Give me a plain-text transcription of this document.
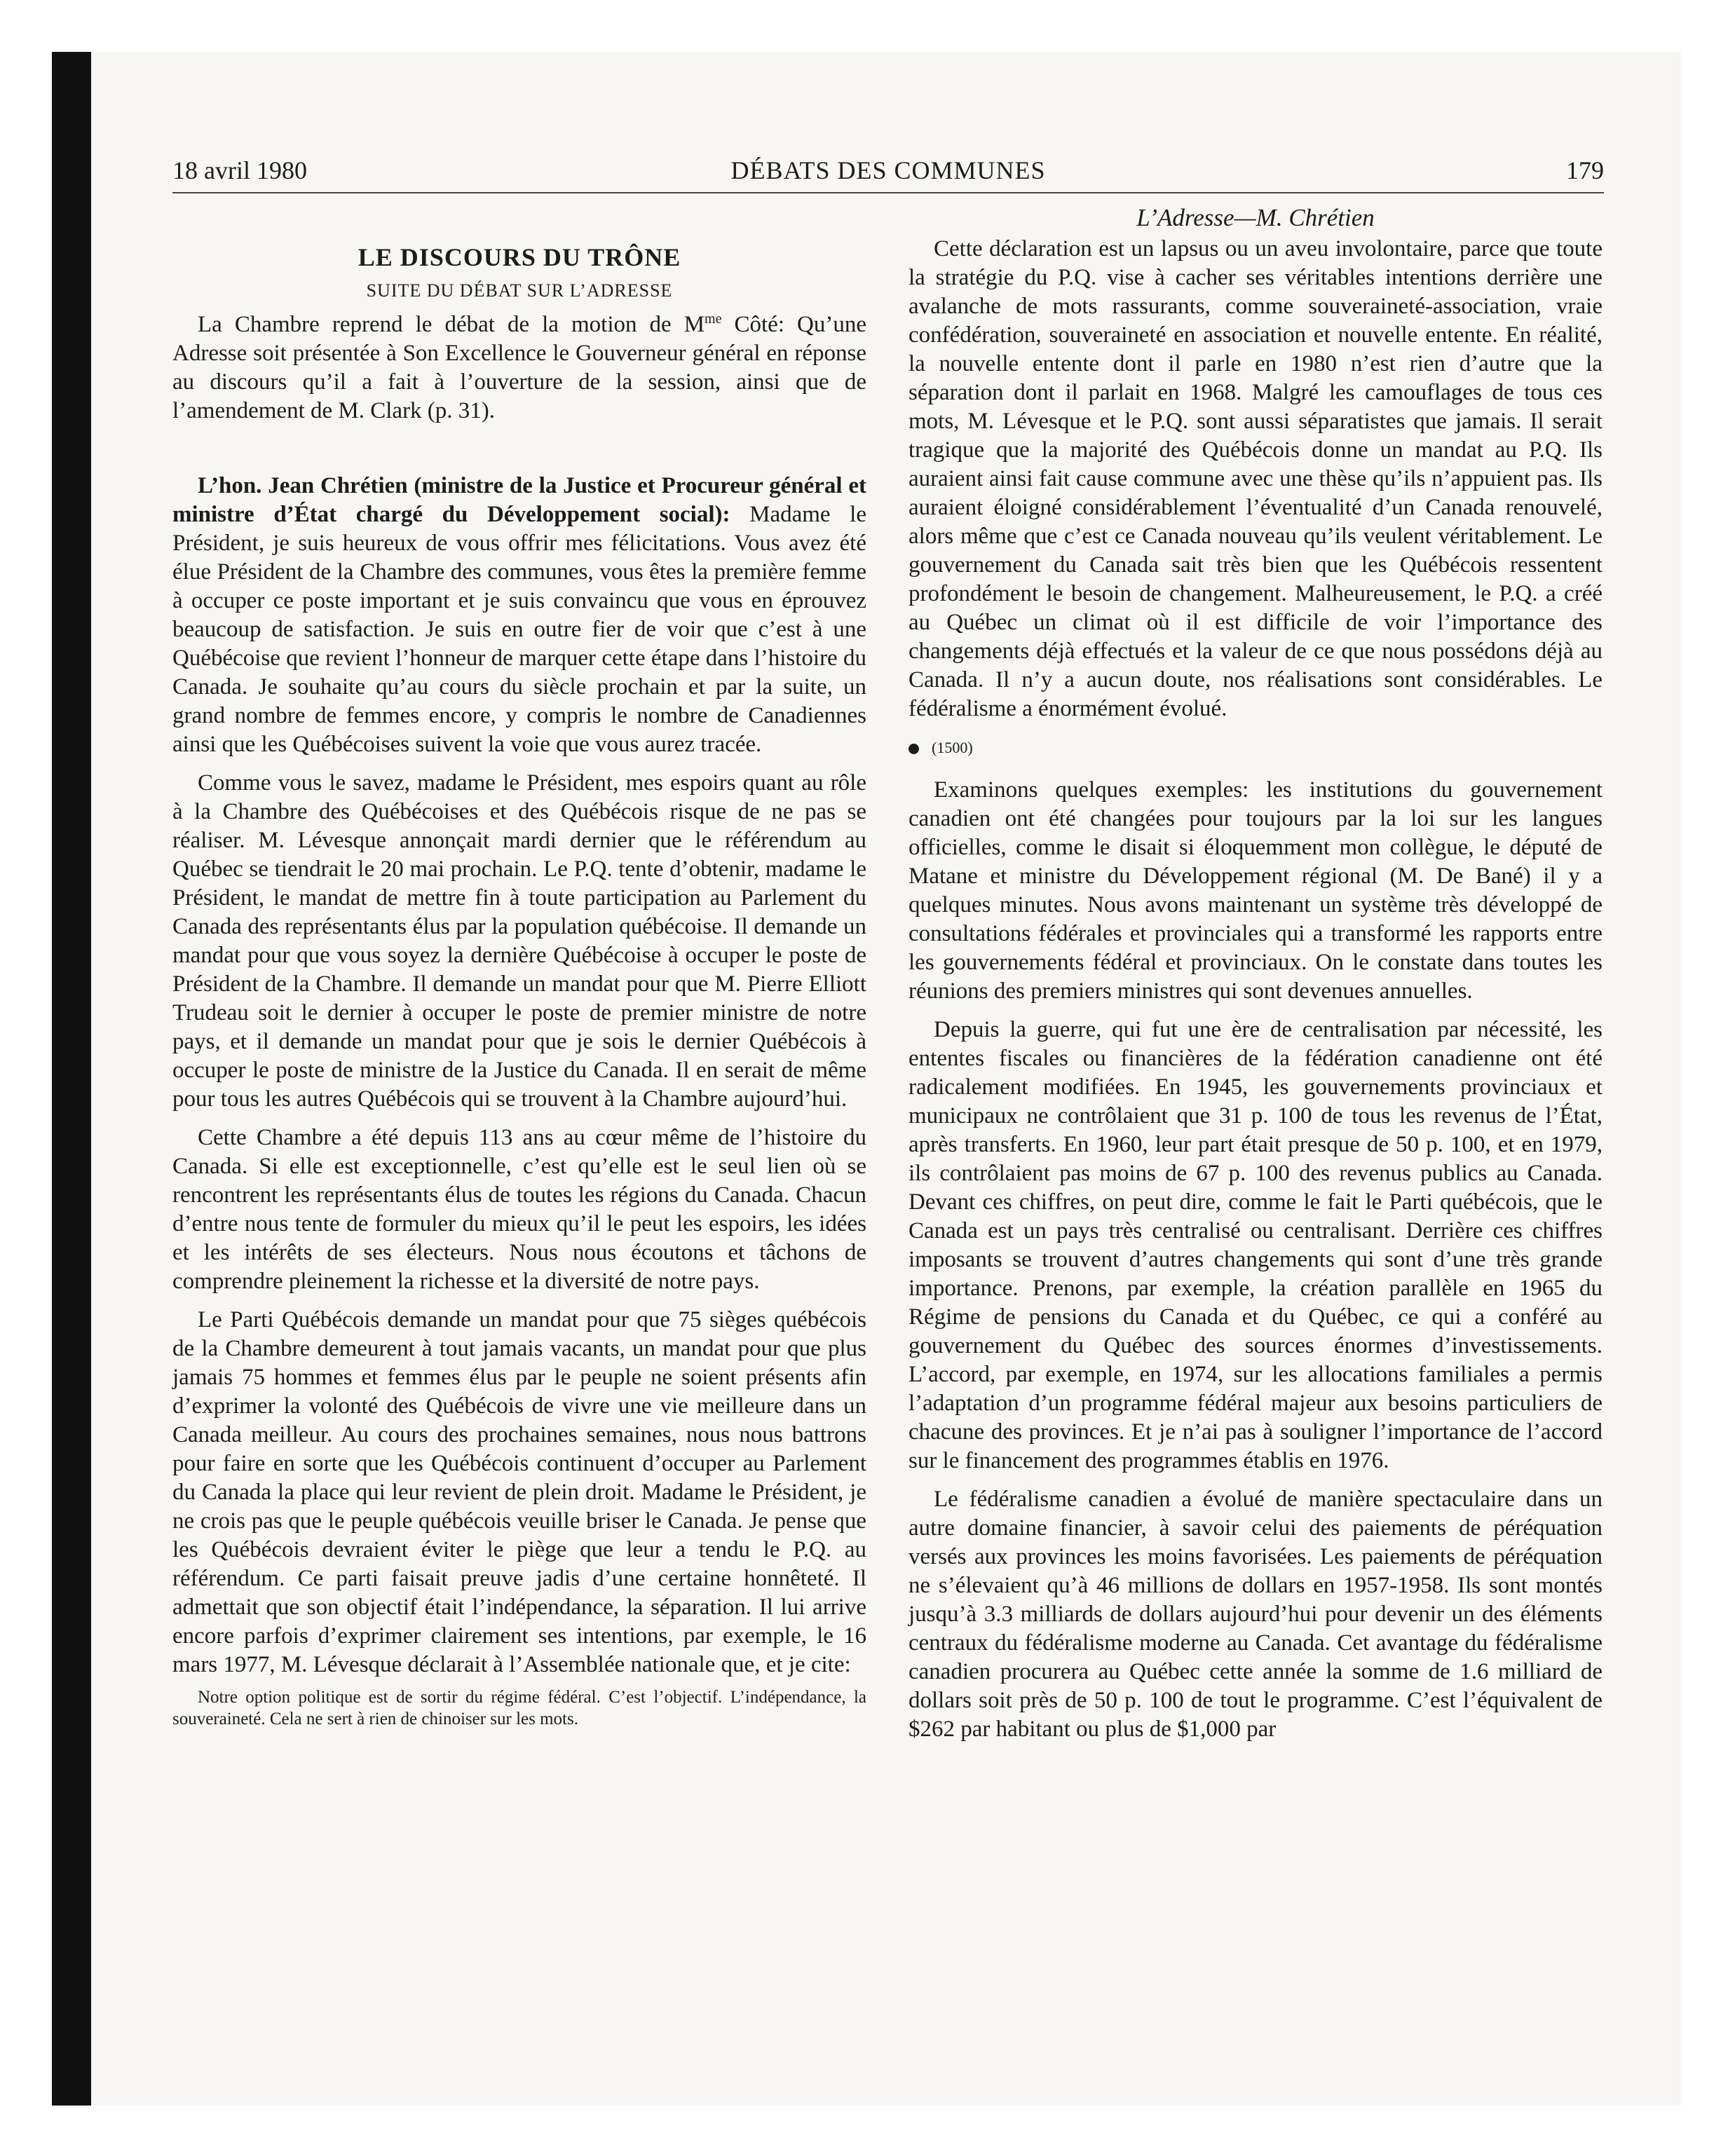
18 avril 1980	DÉBATS DES COMMUNES	179
LE DISCOURS DU TRÔNE
SUITE DU DÉBAT SUR L’ADRESSE

La Chambre reprend le débat de la motion de $M^{me}$ Côté: Qu’une Adresse soit présentée à Son Excellence le Gouverneur général en réponse au discours qu’il a fait à l’ouverture de la session, ainsi que de l’amendement de M. Clark (p. 31).

L’hon. Jean Chrétien (ministre de la Justice et Procureur général et ministre d’État chargé du Développement social): Madame le Président, je suis heureux de vous offrir mes félicitations. Vous avez été élue Président de la Chambre des communes, vous êtes la première femme à occuper ce poste important et je suis convaincu que vous en éprouvez beaucoup de satisfaction. Je suis en outre fier de voir que c’est à une Québécoise que revient l’honneur de marquer cette étape dans l’histoire du Canada. Je souhaite qu’au cours du siècle prochain et par la suite, un grand nombre de femmes encore, y compris le nombre de Canadiennes ainsi que les Québécoises suivent la voie que vous aurez tracée.

Comme vous le savez, madame le Président, mes espoirs quant au rôle à la Chambre des Québécoises et des Québécois risque de ne pas se réaliser. M. Lévesque annonçait mardi dernier que le référendum au Québec se tiendrait le 20 mai prochain. Le P.Q. tente d’obtenir, madame le Président, le mandat de mettre fin à toute participation au Parlement du Canada des représentants élus par la population québécoise. Il demande un mandat pour que vous soyez la dernière Québécoise à occuper le poste de Président de la Chambre. Il demande un mandat pour que M. Pierre Elliott Trudeau soit le dernier à occuper le poste de premier ministre de notre pays, et il demande un mandat pour que je sois le dernier Québécois à occuper le poste de ministre de la Justice du Canada. Il en serait de même pour tous les autres Québécois qui se trouvent à la Chambre aujourd’hui.

Cette Chambre a été depuis 113 ans au cœur même de l’histoire du Canada. Si elle est exceptionnelle, c’est qu’elle est le seul lien où se rencontrent les représentants élus de toutes les régions du Canada. Chacun d’entre nous tente de formuler du mieux qu’il le peut les espoirs, les idées et les intérêts de ses électeurs. Nous nous écoutons et tâchons de comprendre pleinement la richesse et la diversité de notre pays.

Le Parti Québécois demande un mandat pour que 75 sièges québécois de la Chambre demeurent à tout jamais vacants, un mandat pour que plus jamais 75 hommes et femmes élus par le peuple ne soient présents afin d’exprimer la volonté des Québécois de vivre une vie meilleure dans un Canada meilleur. Au cours des prochaines semaines, nous nous battrons pour faire en sorte que les Québécois continuent d’occuper au Parlement du Canada la place qui leur revient de plein droit. Madame le Président, je ne crois pas que le peuple québécois veuille briser le Canada. Je pense que les Québécois devraient éviter le piège que leur a tendu le P.Q. au référendum. Ce parti faisait preuve jadis d’une certaine honnêteté. Il admettait que son objectif était l’indépendance, la séparation. Il lui arrive encore parfois d’exprimer clairement ses intentions, par exemple, le 16 mars 1977, M. Lévesque déclarait à l’Assemblée nationale que, et je cite:

Notre option politique est de sortir du régime fédéral. C’est l’objectif. L’indépendance, la souveraineté. Cela ne sert à rien de chinoiser sur les mots.

L’Adresse—M. Chrétien

Cette déclaration est un lapsus ou un aveu involontaire, parce que toute la stratégie du P.Q. vise à cacher ses véritables intentions derrière une avalanche de mots rassurants, comme souveraineté-association, vraie confédération, souveraineté en association et nouvelle entente. En réalité, la nouvelle entente dont il parle en 1980 n’est rien d’autre que la séparation dont il parlait en 1968. Malgré les camouflages de tous ces mots, M. Lévesque et le P.Q. sont aussi séparatistes que jamais. Il serait tragique que la majorité des Québécois donne un mandat au P.Q. Ils auraient ainsi fait cause commune avec une thèse qu’ils n’appuient pas. Ils auraient éloigné considérablement l’éventualité d’un Canada renouvelé, alors même que c’est ce Canada nouveau qu’ils veulent véritablement. Le gouvernement du Canada sait très bien que les Québécois ressentent profondément le besoin de changement. Malheureusement, le P.Q. a créé au Québec un climat où il est difficile de voir l’importance des changements déjà effectués et la valeur de ce que nous possédons déjà au Canada. Il n’y a aucun doute, nos réalisations sont considérables. Le fédéralisme a énormément évolué.

(1500)

Examinons quelques exemples: les institutions du gouvernement canadien ont été changées pour toujours par la loi sur les langues officielles, comme le disait si éloquemment mon collègue, le député de Matane et ministre du Développement régional (M. De Bané) il y a quelques minutes. Nous avons maintenant un système très développé de consultations fédérales et provinciales qui a transformé les rapports entre les gouvernements fédéral et provinciaux. On le constate dans toutes les réunions des premiers ministres qui sont devenues annuelles.

Depuis la guerre, qui fut une ère de centralisation par nécessité, les ententes fiscales ou financières de la fédération canadienne ont été radicalement modifiées. En 1945, les gouvernements provinciaux et municipaux ne contrôlaient que 31 p. 100 de tous les revenus de l’État, après transferts. En 1960, leur part était presque de 50 p. 100, et en 1979, ils contrôlaient pas moins de 67 p. 100 des revenus publics au Canada. Devant ces chiffres, on peut dire, comme le fait le Parti québécois, que le Canada est un pays très centralisé ou centralisant. Derrière ces chiffres imposants se trouvent d’autres changements qui sont d’une très grande importance. Prenons, par exemple, la création parallèle en 1965 du Régime de pensions du Canada et du Québec, ce qui a conféré au gouvernement du Québec des sources énormes d’investissements. L’accord, par exemple, en 1974, sur les allocations familiales a permis l’adaptation d’un programme fédéral majeur aux besoins particuliers de chacune des provinces. Et je n’ai pas à souligner l’importance de l’accord sur le financement des programmes établis en 1976.

Le fédéralisme canadien a évolué de manière spectaculaire dans un autre domaine financier, à savoir celui des paiements de péréquation versés aux provinces les moins favorisées. Les paiements de péréquation ne s’élevaient qu’à 46 millions de dollars en 1957-1958. Ils sont montés jusqu’à 3.3 milliards de dollars aujourd’hui pour devenir un des éléments centraux du fédéralisme moderne au Canada. Cet avantage du fédéralisme canadien procurera au Québec cette année la somme de 1.6 milliard de dollars soit près de 50 p. 100 de tout le programme. C’est l’équivalent de $262 par habitant ou plus de $1,000 par
